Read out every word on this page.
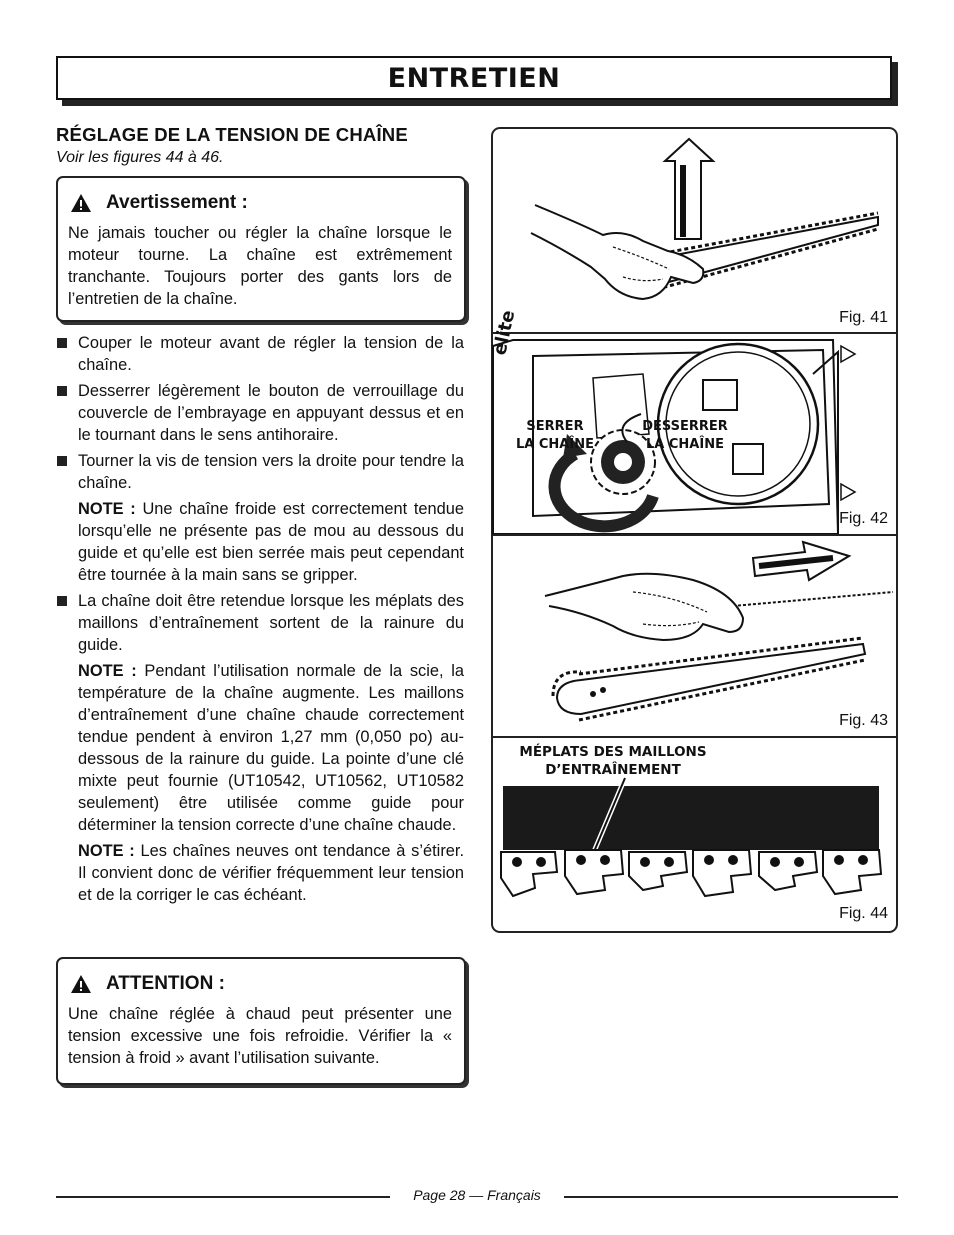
ENTRETIEN
RÉGLAGE DE LA TENSION DE CHAÎNE
Voir les figures 44 à 46.
Avertissement :
Ne jamais toucher ou régler la chaîne lorsque le moteur tourne. La chaîne est extrêmement tranchante. Toujours porter des gants lors de l’entretien de la chaîne.
Couper le moteur avant de régler la tension de la chaîne.
Desserrer légèrement le bouton de verrouillage du couvercle de l’embrayage en appuyant dessus et en le tournant dans le sens antihoraire.
Tourner la vis de tension vers la droite pour tendre la chaîne.
NOTE : Une chaîne froide est correctement tendue lorsqu’elle ne présente pas de mou au dessous du guide et qu’elle est bien serrée mais peut cependant être tournée à la main sans se gripper.
La chaîne doit être retendue lorsque les méplats des maillons d’entraînement sortent de la rainure du guide.
NOTE : Pendant l’utilisation normale de la scie, la température de la chaîne augmente. Les maillons d’entraînement d’une chaîne chaude correctement tendue pendent à environ 1,27 mm (0,050 po) au-dessous de la rainure du guide. La pointe d’une clé mixte peut fournie (UT10542, UT10562, UT10582 seulement) être utilisée comme guide pour déterminer la tension correcte d’une chaîne chaude.
NOTE : Les chaînes neuves ont tendance à s’étirer. Il convient donc de vérifier fréquemment leur tension et de la corriger le cas échéant.
ATTENTION :
Une chaîne réglée à chaud peut présenter une tension excessive une fois refroidie. Vérifier la « tension à froid » avant l’utilisation suivante.
Fig. 41
elite
SERRER
LA CHAÎNE
DESSERRER
LA CHAÎNE
Fig. 42
Fig. 43
MÉPLATS DES MAILLONS
D’ENTRAÎNEMENT
Fig. 44
Page 28 — Français
